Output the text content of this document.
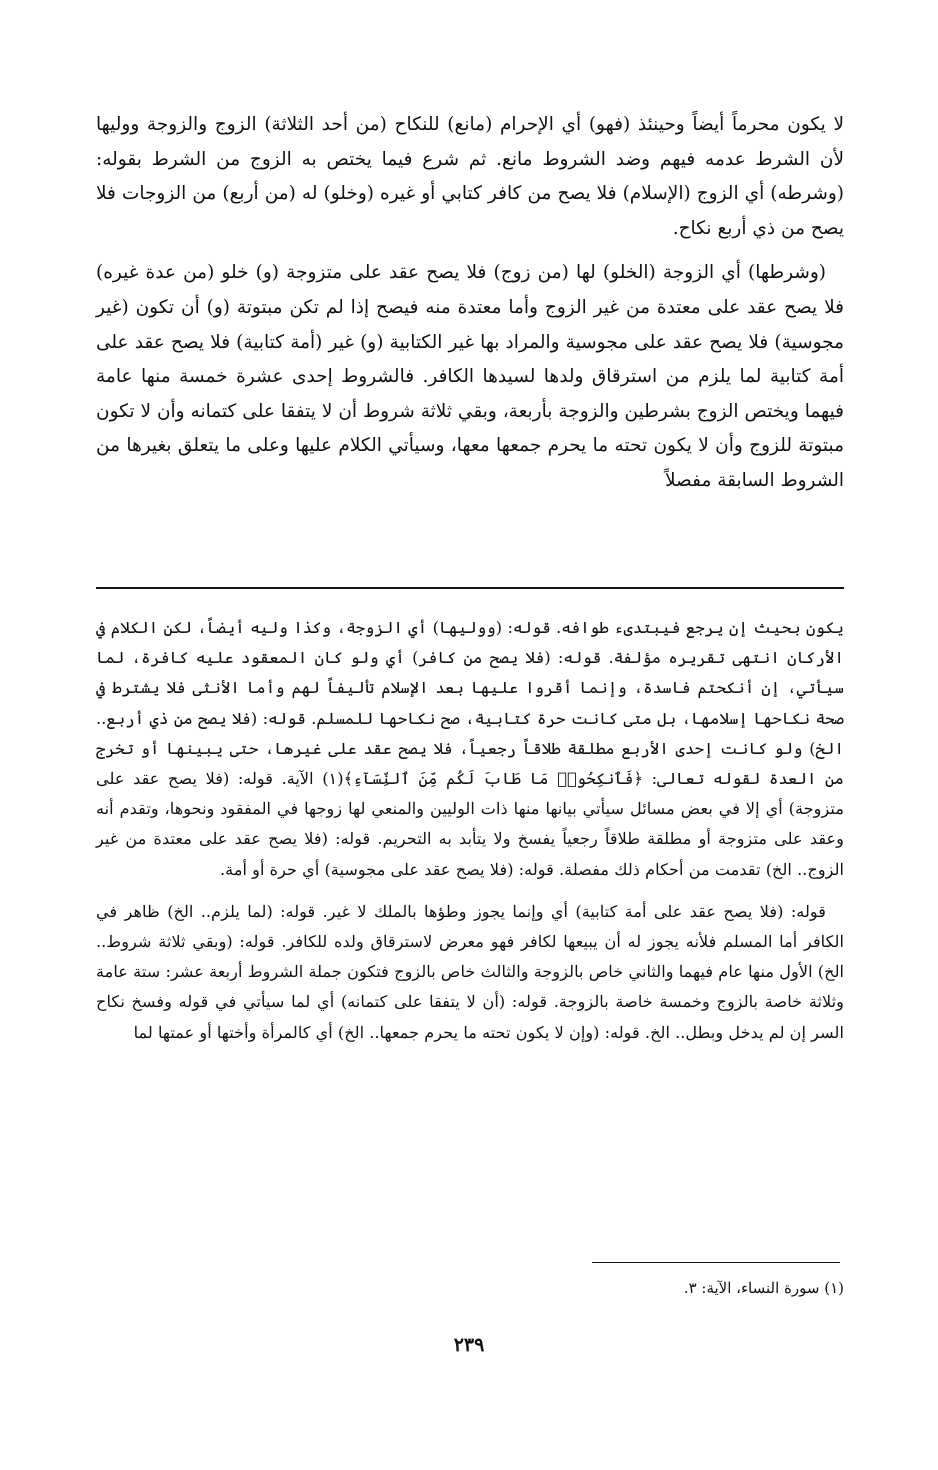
لا يكون محرماً أيضاً وحينئذ (فهو) أي الإحرام (مانع) للنكاح (من أحد الثلاثة) الزوج والزوجة ووليها لأن الشرط عدمه فيهم وضد الشروط مانع. ثم شرع فيما يختص به الزوج من الشرط بقوله: (وشرطه) أي الزوج (الإسلام) فلا يصح من كافر كتابي أو غيره (وخلو) له (من أربع) من الزوجات فلا يصح من ذي أربع نكاح.

(وشرطها) أي الزوجة (الخلو) لها (من زوج) فلا يصح عقد على متزوجة (و) خلو (من عدة غيره) فلا يصح عقد على معتدة من غير الزوج وأما معتدة منه فيصح إذا لم تكن مبتوتة (و) أن تكون (غير مجوسية) فلا يصح عقد على مجوسية والمراد بها غير الكتابية (و) غير (أمة كتابية) فلا يصح عقد على أمة كتابية لما يلزم من استرقاق ولدها لسيدها الكافر. فالشروط إحدى عشرة خمسة منها عامة فيهما ويختص الزوج بشرطين والزوجة بأربعة، وبقي ثلاثة شروط أن لا يتفقا على كتمانه وأن لا تكون مبتوتة للزوج وأن لا يكون تحته ما يحرم جمعها معها، وسيأتي الكلام عليها وعلى ما يتعلق بغيرها من الشروط السابقة مفصلاً

يكون بحيث إن يرجع فيبتدىء طوافه. قوله: (ووليها) أي الزوجة، وكذا وليه أيضاً، لكن الكلام في الأركان انتهى تقريره مؤلفة. قوله: (فلا يصح من كافر) أي ولو كان المعقود عليه كافرة، لما سيأتي، إن أنكحتم فاسدة، وإنما أقروا عليها بعد الإسلام تأليفاً لهم وأما الأنثى فلا يشترط في صحة نكاحها إسلامها، بل متى كانت حرة كتابية، صح نكاحها للمسلم. قوله: (فلا يصح من ذي أربع.. الخ) ولو كانت إحدى الأربع مطلقة طلاقاً رجعياً، فلا يصح عقد على غيرها، حتى يبينها أو تخرج من العدة لقوله تعالى: ﴿فَٱنكِحُوا۟ مَا طَابَ لَكُم مِّنَ ٱلنِّسَآءِ﴾(١) الآية. قوله: (فلا يصح عقد على متزوجة) أي إلا في بعض مسائل سيأتي بيانها منها ذات الوليين والمنعي لها زوجها في المفقود ونحوها، وتقدم أنه وعقد على متزوجة أو مطلقة طلاقاً رجعياً يفسخ ولا يتأبد به التحريم. قوله: (فلا يصح عقد على معتدة من غير الزوج.. الخ) تقدمت من أحكام ذلك مفصلة. قوله: (فلا يصح عقد على مجوسية) أي حرة أو أمة.

قوله: (فلا يصح عقد على أمة كتابية) أي وإنما يجوز وطؤها بالملك لا غير. قوله: (لما يلزم.. الخ) ظاهر في الكافر أما المسلم فلأنه يجوز له أن يبيعها لكافر فهو معرض لاسترقاق ولده للكافر. قوله: (وبقي ثلاثة شروط.. الخ) الأول منها عام فيهما والثاني خاص بالزوجة والثالث خاص بالزوج فتكون جملة الشروط أربعة عشر: ستة عامة وثلاثة خاصة بالزوج وخمسة خاصة بالزوجة. قوله: (أن لا يتفقا على كتمانه) أي لما سيأتي في قوله وفسخ نكاح السر إن لم يدخل وبطل.. الخ. قوله: (وإن لا يكون تحته ما يحرم جمعها.. الخ) أي كالمرأة وأختها أو عمتها لما

(١) سورة النساء، الآية: ٣.
٢٣٩
